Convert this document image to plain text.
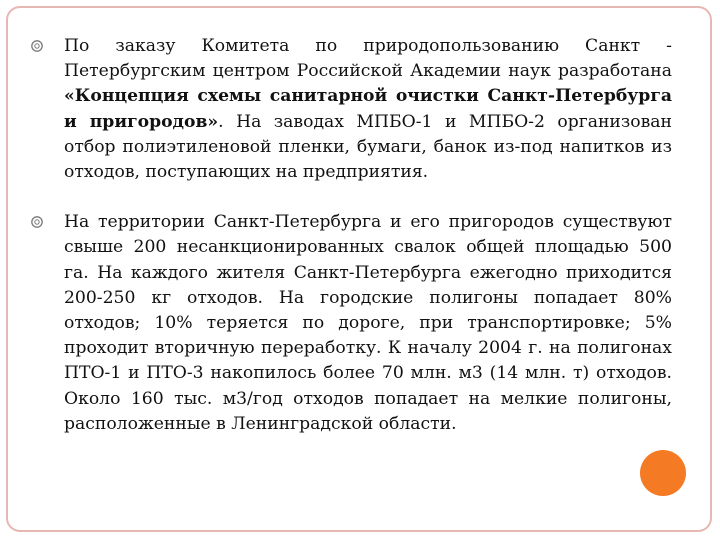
По заказу Комитета по природопользованию Санкт - Петербургским центром Российской Академии наук разработана «Концепция схемы санитарной очистки Санкт-Петербурга и пригородов». На заводах МПБО-1 и МПБО-2 организован отбор полиэтиленовой пленки, бумаги, банок из-под напитков из отходов, поступающих на предприятия.
На территории Санкт-Петербурга и его пригородов существуют свыше 200 несанкционированных свалок общей площадью 500 га. На каждого жителя Санкт-Петербурга ежегодно приходится 200-250 кг отходов. На городские полигоны попадает 80% отходов; 10% теряется по дороге, при транспортировке; 5% проходит вторичную переработку. К началу 2004 г. на полигонах ПТО-1 и ПТО-3 накопилось более 70 млн. м3 (14 млн. т) отходов. Около 160 тыс. м3/год отходов попадает на мелкие полигоны, расположенные в Ленинградской области.
